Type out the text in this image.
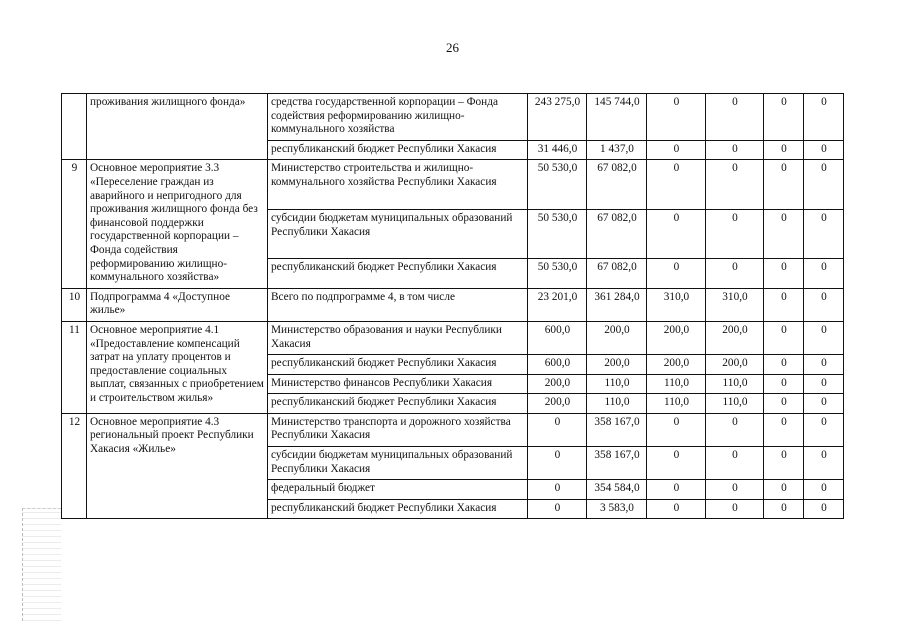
26
	проживания жилищного фонда»	средства государственной корпорации – Фонда содействия реформированию жилищно-коммунального хозяйства	243 275,0	145 744,0	0	0	0	0
		республиканский бюджет Республики Хакасия	31 446,0	1 437,0	0	0	0	0
9	Основное мероприятие 3.3 «Переселение граждан из аварийного и непригодного для проживания жилищного фонда без финансовой поддержки государственной корпорации – Фонда содействия реформированию жилищно-коммунального хозяйства»	Министерство строительства и жилищно-коммунального хозяйства Республики Хакасия	50 530,0	67 082,0	0	0	0	0
		субсидии бюджетам муниципальных образований Республики Хакасия	50 530,0	67 082,0	0	0	0	0
		республиканский бюджет Республики Хакасия	50 530,0	67 082,0	0	0	0	0
10	Подпрограмма 4 «Доступное жилье»	Всего по подпрограмме 4, в том числе	23 201,0	361 284,0	310,0	310,0	0	0
11	Основное мероприятие 4.1 «Предоставление компенсаций затрат на уплату процентов и предоставление социальных выплат, связанных с приобретением и строительством жилья»	Министерство образования и науки Республики Хакасия	600,0	200,0	200,0	200,0	0	0
		республиканский бюджет Республики Хакасия	600,0	200,0	200,0	200,0	0	0
		Министерство финансов Республики Хакасия	200,0	110,0	110,0	110,0	0	0
		республиканский бюджет Республики Хакасия	200,0	110,0	110,0	110,0	0	0
12	Основное мероприятие 4.3 региональный проект Республики Хакасия «Жилье»	Министерство транспорта и дорожного хозяйства Республики Хакасия	0	358 167,0	0	0	0	0
		субсидии бюджетам муниципальных образований Республики Хакасия	0	358 167,0	0	0	0	0
		федеральный бюджет	0	354 584,0	0	0	0	0
		республиканский бюджет Республики Хакасия	0	3 583,0	0	0	0	0
